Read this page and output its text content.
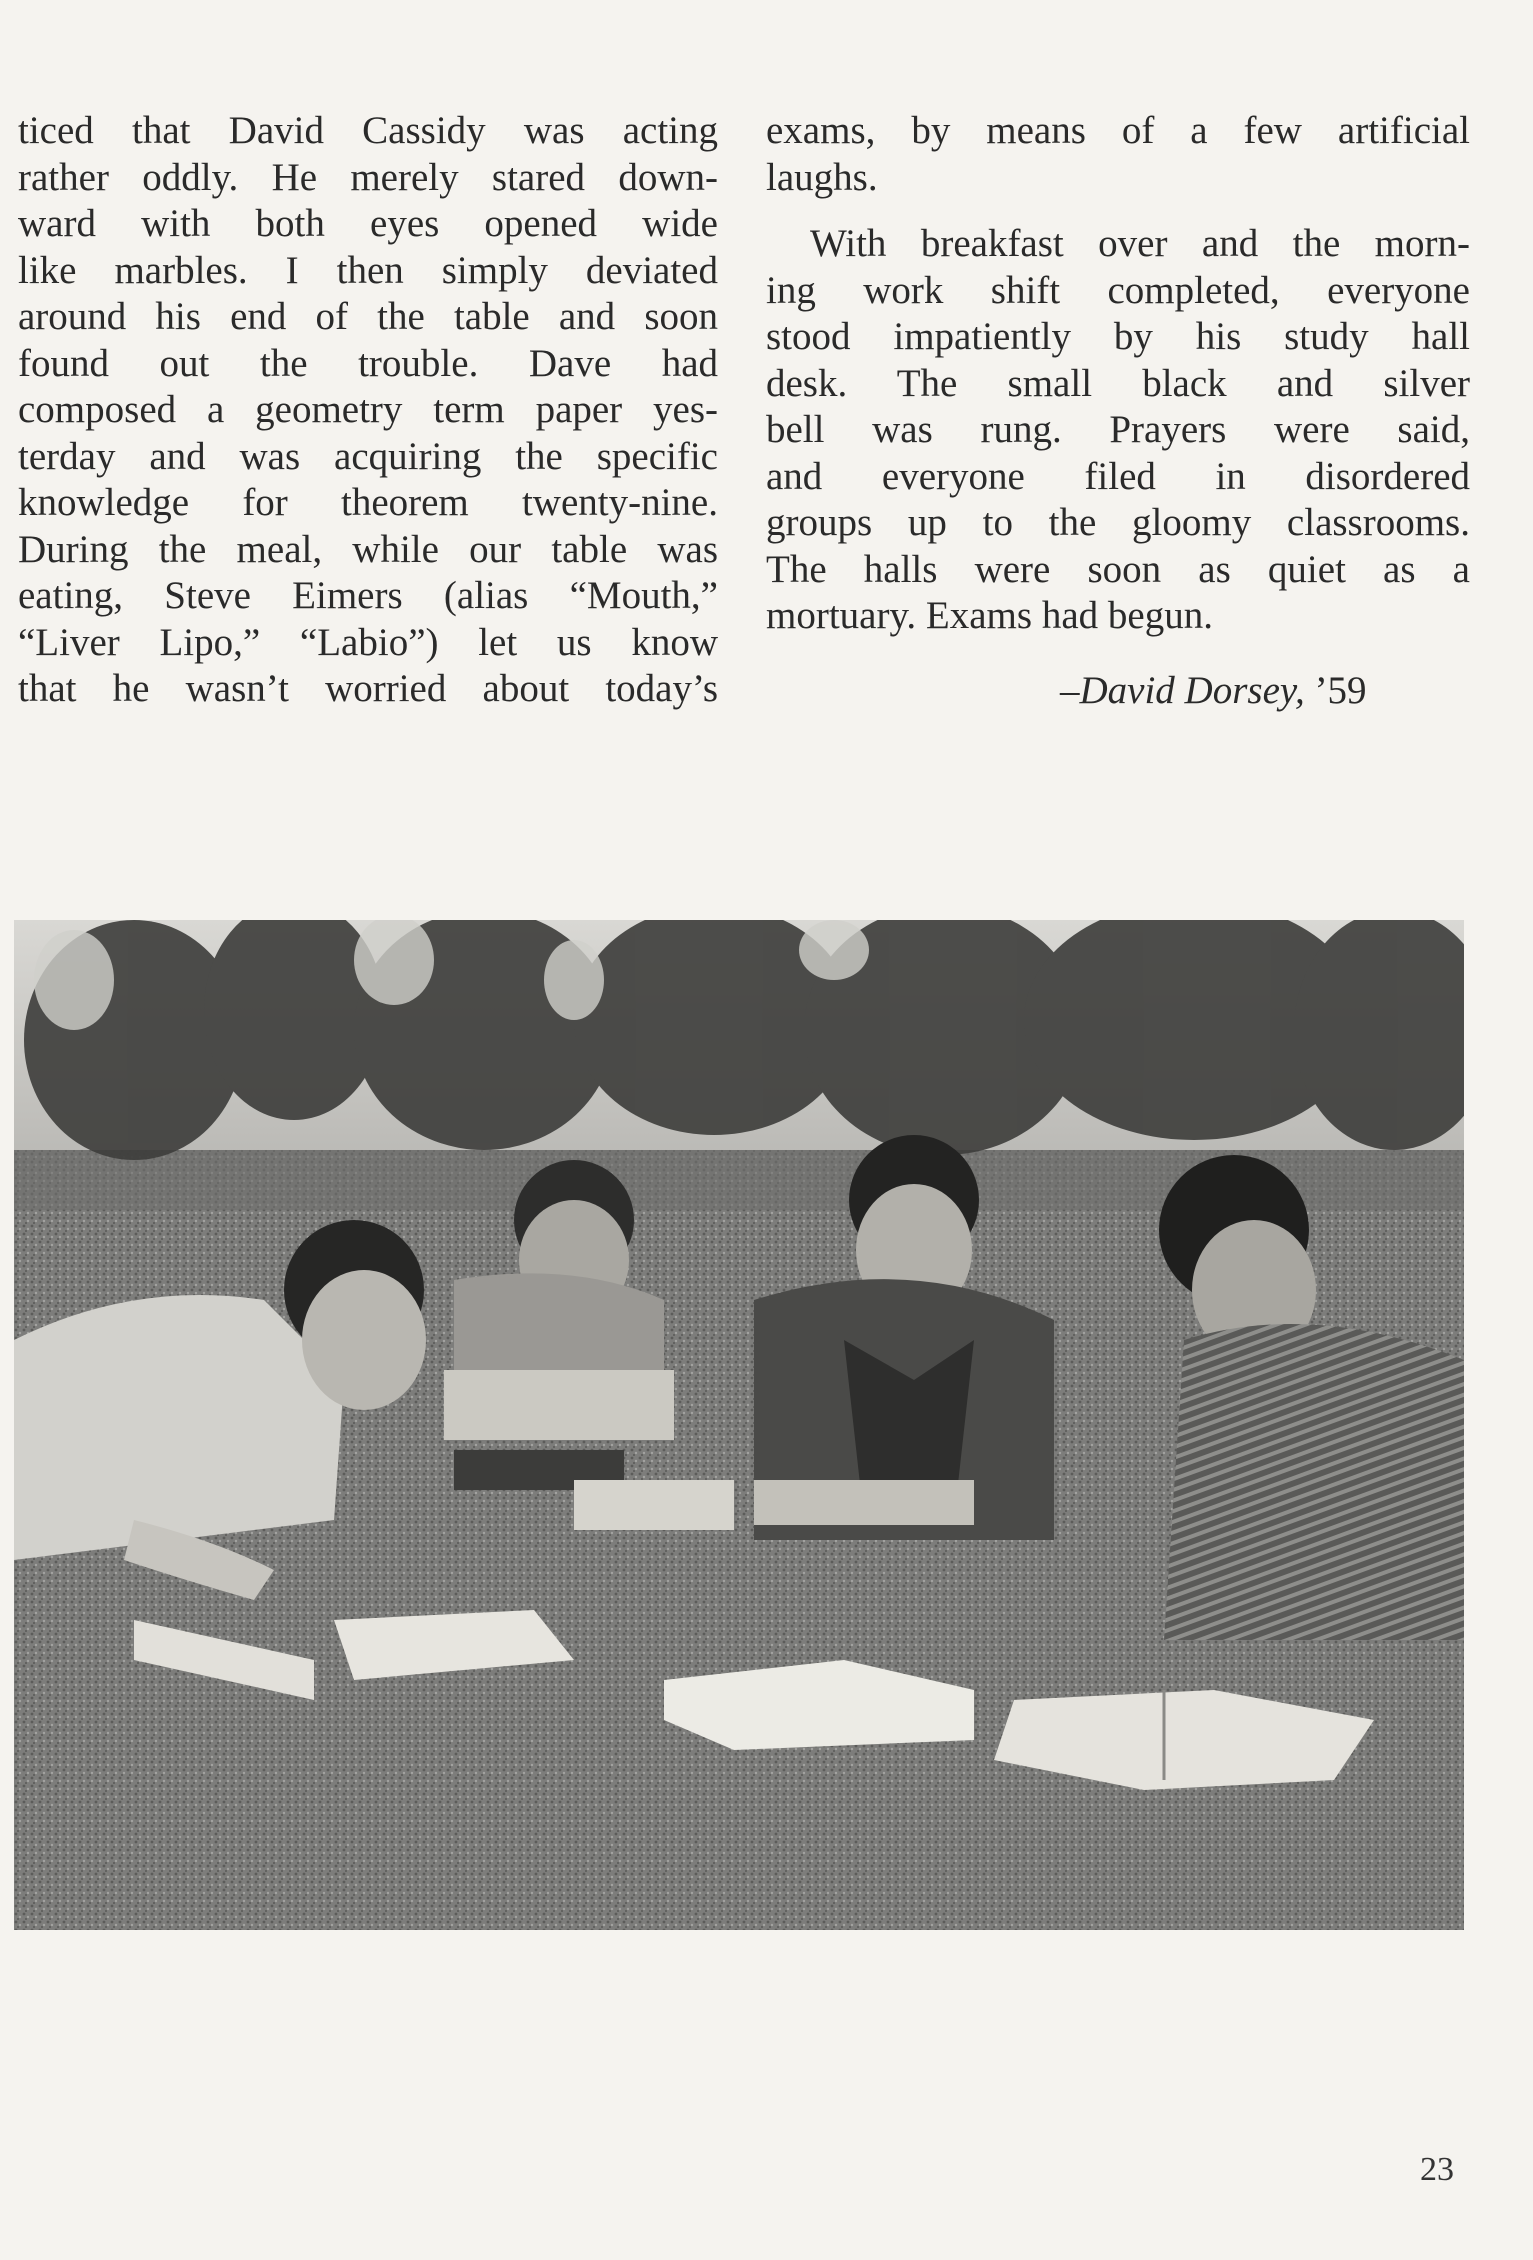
ticed that David Cassidy was acting
rather oddly. He merely stared down-
ward with both eyes opened wide
like marbles. I then simply deviated
around his end of the table and soon
found out the trouble. Dave had
composed a geometry term paper yes-
terday and was acquiring the specific
knowledge for theorem twenty-nine.
During the meal, while our table was
eating, Steve Eimers (alias “Mouth,”
“Liver Lipo,” “Labio”) let us know
that he wasn’t worried about today’s
exams, by means of a few artificial
laughs.
With breakfast over and the morn-
ing work shift completed, everyone
stood impatiently by his study hall
desk. The small black and silver
bell was rung. Prayers were said,
and everyone filed in disordered
groups up to the gloomy classrooms.
The halls were soon as quiet as a
mortuary. Exams had begun.
–David Dorsey, ’59
23
